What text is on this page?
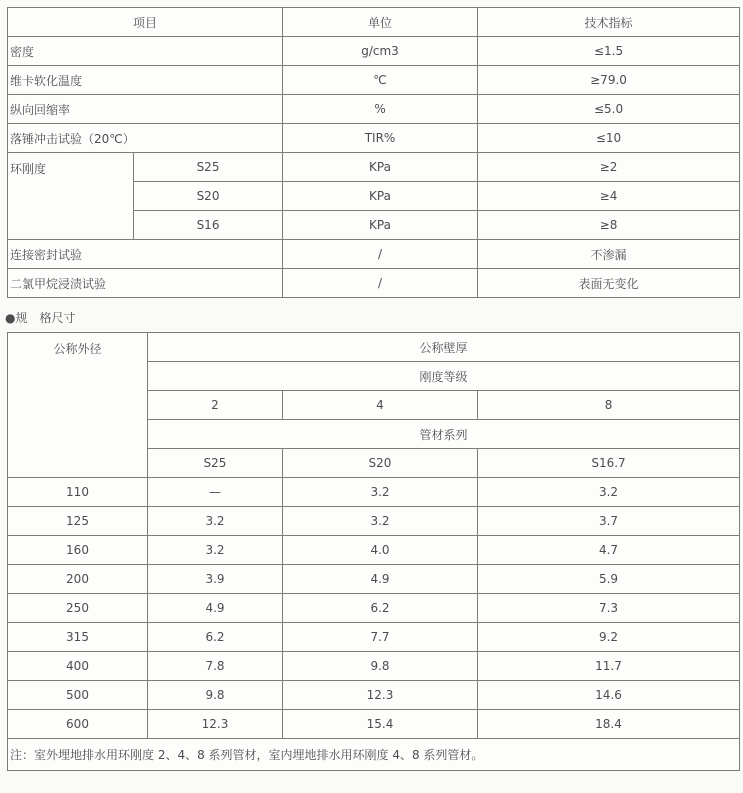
项目		单位	技术指标
密度		g/cm3	≤1.5
维卡软化温度		℃	≥79.0
纵向回缩率		%	≤5.0
落锤冲击试验（20℃）		TIR%	≤10
环刚度	S25	KPa	≥2
	S20	KPa	≥4
	S16	KPa	≥8
连接密封试验		/	不渗漏
二氯甲烷浸渍试验		/	表面无变化
●规　格尺寸
公称外径	公称壁厚		
	刚度等级		
	2	4	8
	管材系列		
	S25	S20	S16.7
110	—	3.2	3.2
125	3.2	3.2	3.7
160	3.2	4.0	4.7
200	3.9	4.9	5.9
250	4.9	6.2	7.3
315	6.2	7.7	9.2
400	7.8	9.8	11.7
500	9.8	12.3	14.6
600	12.3	15.4	18.4
注：室外埋地排水用环刚度 2、4、8 系列管材，室内埋地排水用环刚度 4、8 系列管材。			
